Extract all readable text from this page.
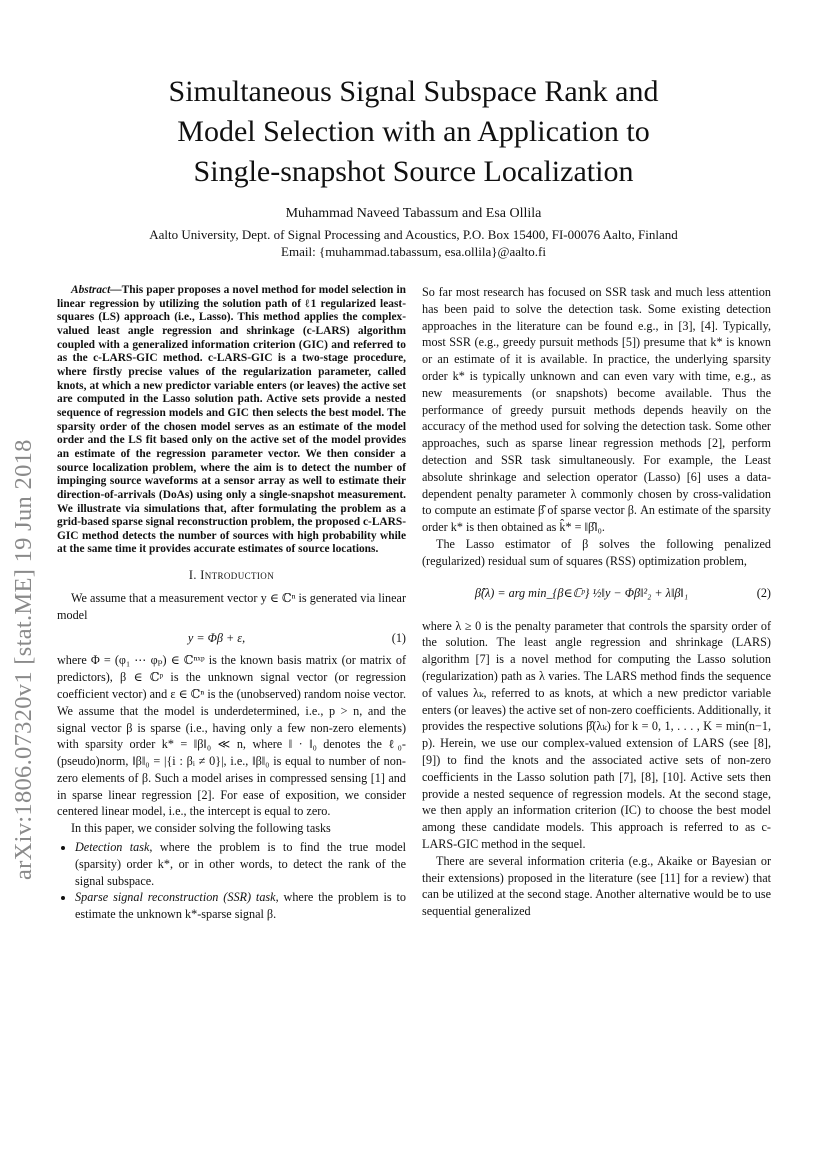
arXiv:1806.07320v1 [stat.ME] 19 Jun 2018
Simultaneous Signal Subspace Rank and
Model Selection with an Application to
Single-snapshot Source Localization
Muhammad Naveed Tabassum and Esa Ollila
Aalto University, Dept. of Signal Processing and Acoustics, P.O. Box 15400, FI-00076 Aalto, Finland
Email: {muhammad.tabassum, esa.ollila}@aalto.fi

Abstract—This paper proposes a novel method for model selection in linear regression by utilizing the solution path of ℓ1 regularized least-squares (LS) approach (i.e., Lasso). This method applies the complex-valued least angle regression and shrinkage (c-LARS) algorithm coupled with a generalized information criterion (GIC) and referred to as the c-LARS-GIC method. c-LARS-GIC is a two-stage procedure, where firstly precise values of the regularization parameter, called knots, at which a new predictor variable enters (or leaves) the active set are computed in the Lasso solution path. Active sets provide a nested sequence of regression models and GIC then selects the best model. The sparsity order of the chosen model serves as an estimate of the model order and the LS fit based only on the active set of the model provides an estimate of the regression parameter vector. We then consider a source localization problem, where the aim is to detect the number of impinging source waveforms at a sensor array as well to estimate their direction-of-arrivals (DoAs) using only a single-snapshot measurement. We illustrate via simulations that, after formulating the problem as a grid-based sparse signal reconstruction problem, the proposed c-LARS-GIC method detects the number of sources with high probability while at the same time it provides accurate estimates of source locations.

I. Introduction

We assume that a measurement vector y ∈ ℂⁿ is generated via linear model

y = Φβ + ε,	(1)

where Φ = (φ₁ ⋯ φₚ) ∈ ℂⁿˣᵖ is the known basis matrix (or matrix of predictors), β ∈ ℂᵖ is the unknown signal vector (or regression coefficient vector) and ε ∈ ℂⁿ is the (unobserved) random noise vector. We assume that the model is underdetermined, i.e., p > n, and the signal vector β is sparse (i.e., having only a few non-zero elements) with sparsity order k* = ‖β‖₀ ≪ n, where ‖ · ‖₀ denotes the ℓ₀-(pseudo)norm, ‖β‖₀ = |{i : βᵢ ≠ 0}|, i.e., ‖β‖₀ is equal to number of non-zero elements of β. Such a model arises in compressed sensing [1] and in sparse linear regression [2]. For ease of exposition, we consider centered linear model, i.e., the intercept is equal to zero.

In this paper, we consider solving the following tasks

• Detection task, where the problem is to find the true model (sparsity) order k*, or in other words, to detect the rank of the signal subspace.
• Sparse signal reconstruction (SSR) task, where the problem is to estimate the unknown k*-sparse signal β.

So far most research has focused on SSR task and much less attention has been paid to solve the detection task. Some existing detection approaches in the literature can be found e.g., in [3], [4]. Typically, most SSR (e.g., greedy pursuit methods [5]) presume that k* is known or an estimate of it is available. In practice, the underlying sparsity order k* is typically unknown and can even vary with time, e.g., as new measurements (or snapshots) become available. Thus the performance of greedy pursuit methods depends heavily on the accuracy of the method used for solving the detection task. Some other approaches, such as sparse linear regression methods [2], perform detection and SSR task simultaneously. For example, the Least absolute shrinkage and selection operator (Lasso) [6] uses a data-dependent penalty parameter λ commonly chosen by cross-validation to compute an estimate β̂ of sparse vector β. An estimate of the sparsity order k* is then obtained as k̂* = ‖β̂‖₀.

The Lasso estimator of β solves the following penalized (regularized) residual sum of squares (RSS) optimization problem,

β̂(λ) = arg min_{β∈ℂᵖ} ½‖y − Φβ‖²₂ + λ‖β‖₁	(2)

where λ ≥ 0 is the penalty parameter that controls the sparsity order of the solution. The least angle regression and shrinkage (LARS) algorithm [7] is a novel method for computing the Lasso solution (regularization) path as λ varies. The LARS method finds the sequence of values λₖ, referred to as knots, at which a new predictor variable enters (or leaves) the active set of non-zero coefficients. Additionally, it provides the respective solutions β̂(λₖ) for k = 0, 1, . . . , K = min(n−1, p). Herein, we use our complex-valued extension of LARS (see [8], [9]) to find the knots and the associated active sets of non-zero coefficients in the Lasso solution path [7], [8], [10]. Active sets then provide a nested sequence of regression models. At the second stage, we then apply an information criterion (IC) to choose the best model among these candidate models. This approach is referred to as c-LARS-GIC method in the sequel.

There are several information criteria (e.g., Akaike or Bayesian or their extensions) proposed in the literature (see [11] for a review) that can be utilized at the second stage. Another alternative would be to use sequential generalized
